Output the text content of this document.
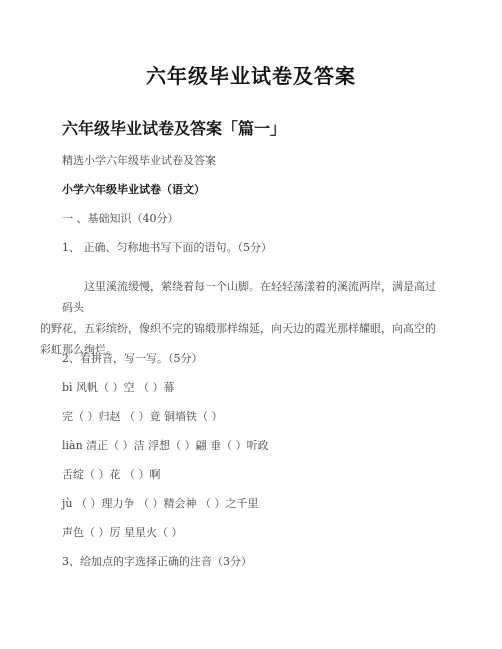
六年级毕业试卷及答案
六年级毕业试卷及答案「篇一」

精选小学六年级毕业试卷及答案

小学六年级毕业试卷（语文）

一 、基础知识（40分）

1、 正确、匀称地书写下面的语句。（5分）

这里溪流缓慢，萦绕着每一个山脚。在轻轻荡漾着的溪流两岸，满是高过码头
的野花，五彩缤纷，像织不完的锦缎那样绵延，向天边的霞光那样耀眼，向高空的
彩虹那么绚烂。

2、看拼音，写一写。（5分）

bì 风帆（ ）空 （ ）幕

完（ ）归赵 （ ）竟 铜墙铁（ ）

liàn 清正（ ）洁 浮想（ ）翩 垂（ ）听政

舌绽（ ）花 （ ）啊

jù （ ）理力争 （ ）精会神 （ ）之千里

声色（ ）厉 星星火（ ）

3、给加点的字选择正确的注音（3分）
